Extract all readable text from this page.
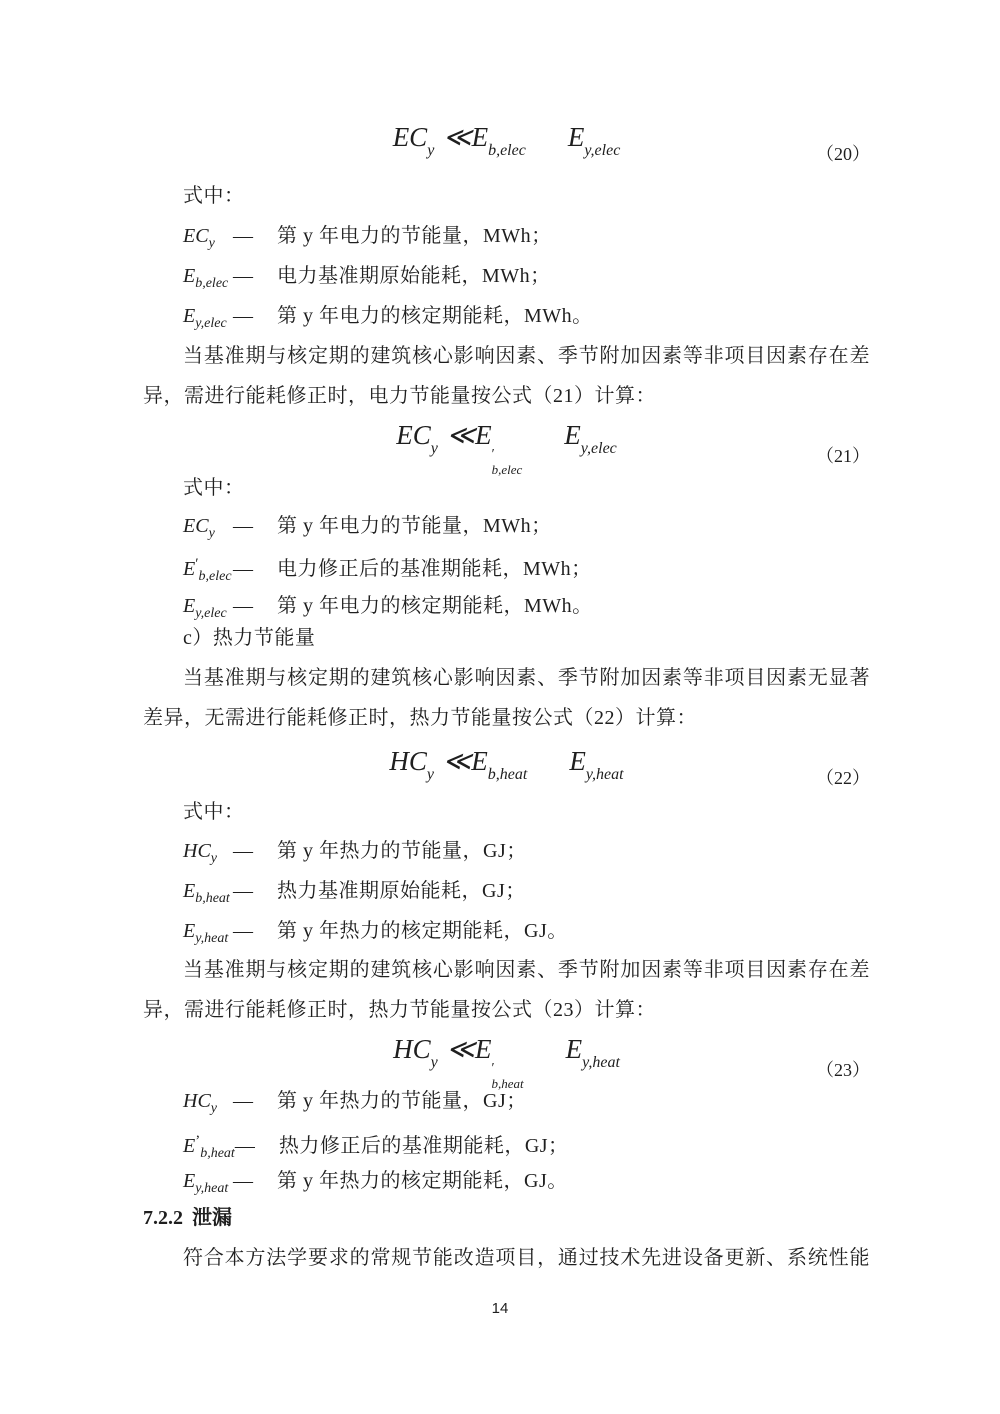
$EC_y$ $≪E_{b,elec}$ $E_{y,elec}$	（20）
式中：
$EC_y$ — 第 y 年电力的节能量，MWh；
$E_{b,elec}$ — 电力基准期原始能耗，MWh；
$E_{y,elec}$ — 第 y 年电力的核定期能耗，MWh。
当基准期与核定期的建筑核心影响因素、季节附加因素等非项目因素存在差异，需进行能耗修正时，电力节能量按公式（21）计算：
$EC_y$ ≪E
′
b,elec
$E_{y,elec}$	（21）
式中：
$EC_y$ — 第 y 年电力的节能量，MWh；
$E'_{b,elec}—$ 电力修正后的基准期能耗，MWh；
$E_{y,elec}$ — 第 y 年电力的核定期能耗，MWh。
c）热力节能量
当基准期与核定期的建筑核心影响因素、季节附加因素等非项目因素无显著差异，无需进行能耗修正时，热力节能量按公式（22）计算：
$HC_y$ $≪E_{b,heat}$ $E_{y,heat}$	（22）
式中：
$HC_y$ — 第 y 年热力的节能量，GJ；
$E_{b,heat}$ — 热力基准期原始能耗，GJ；
$E_{y,heat}$ — 第 y 年热力的核定期能耗，GJ。
当基准期与核定期的建筑核心影响因素、季节附加因素等非项目因素存在差异，需进行能耗修正时，热力节能量按公式（23）计算：
$HC_y$ ≪E
′
b,heat
$E_{y,heat}$	（23）
$HC_y$ — 第 y 年热力的节能量，GJ；
$E^’_{b,heat}—$ 热力修正后的基准期能耗，GJ；
$E_{y,heat}$ — 第 y 年热力的核定期能耗，GJ。
7.2.2 泄漏
符合本方法学要求的常规节能改造项目，通过技术先进设备更新、系统性能
14
